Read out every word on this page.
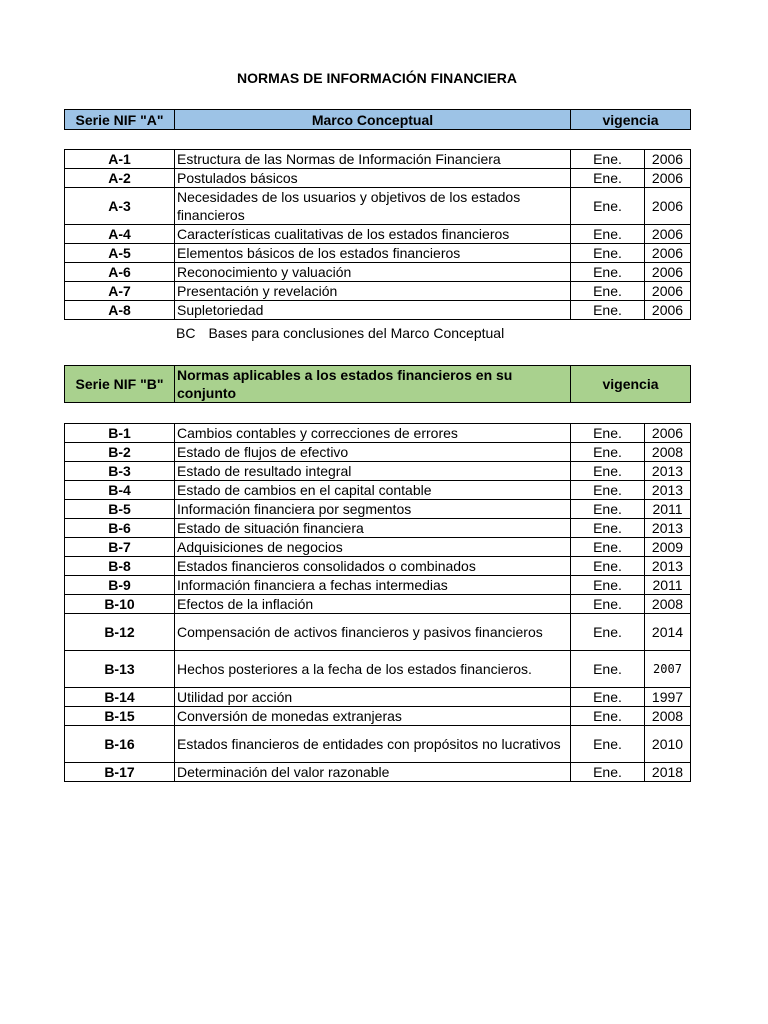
NORMAS DE INFORMACIÓN FINANCIERA
Serie NIF "A"	Marco Conceptual	vigencia
A-1	Estructura de las Normas de Información Financiera	Ene.	2006
A-2	Postulados básicos	Ene.	2006
A-3	Necesidades de los usuarios y objetivos de los estados financieros	Ene.	2006
A-4	Características cualitativas de los estados financieros	Ene.	2006
A-5	Elementos básicos de los estados financieros	Ene.	2006
A-6	Reconocimiento y valuación	Ene.	2006
A-7	Presentación y revelación	Ene.	2006
A-8	Supletoriedad	Ene.	2006
BC Bases para conclusiones del Marco Conceptual
Serie NIF "B"	Normas aplicables a los estados financieros en su conjunto	vigencia
B-1	Cambios contables y correcciones de errores	Ene.	2006
B-2	Estado de flujos de efectivo	Ene.	2008
B-3	Estado de resultado integral	Ene.	2013
B-4	Estado de cambios en el capital contable	Ene.	2013
B-5	Información financiera por segmentos	Ene.	2011
B-6	Estado de situación financiera	Ene.	2013
B-7	Adquisiciones de negocios	Ene.	2009
B-8	Estados financieros consolidados o combinados	Ene.	2013
B-9	Información financiera a fechas intermedias	Ene.	2011
B-10	Efectos de la inflación	Ene.	2008
B-12	Compensación de activos financieros y pasivos financieros	Ene.	2014
B-13	Hechos posteriores a la fecha de los estados financieros.	Ene.	2007
B-14	Utilidad por acción	Ene.	1997
B-15	Conversión de monedas extranjeras	Ene.	2008
B-16	Estados financieros de entidades con propósitos no lucrativos	Ene.	2010
B-17	Determinación del valor razonable	Ene.	2018
